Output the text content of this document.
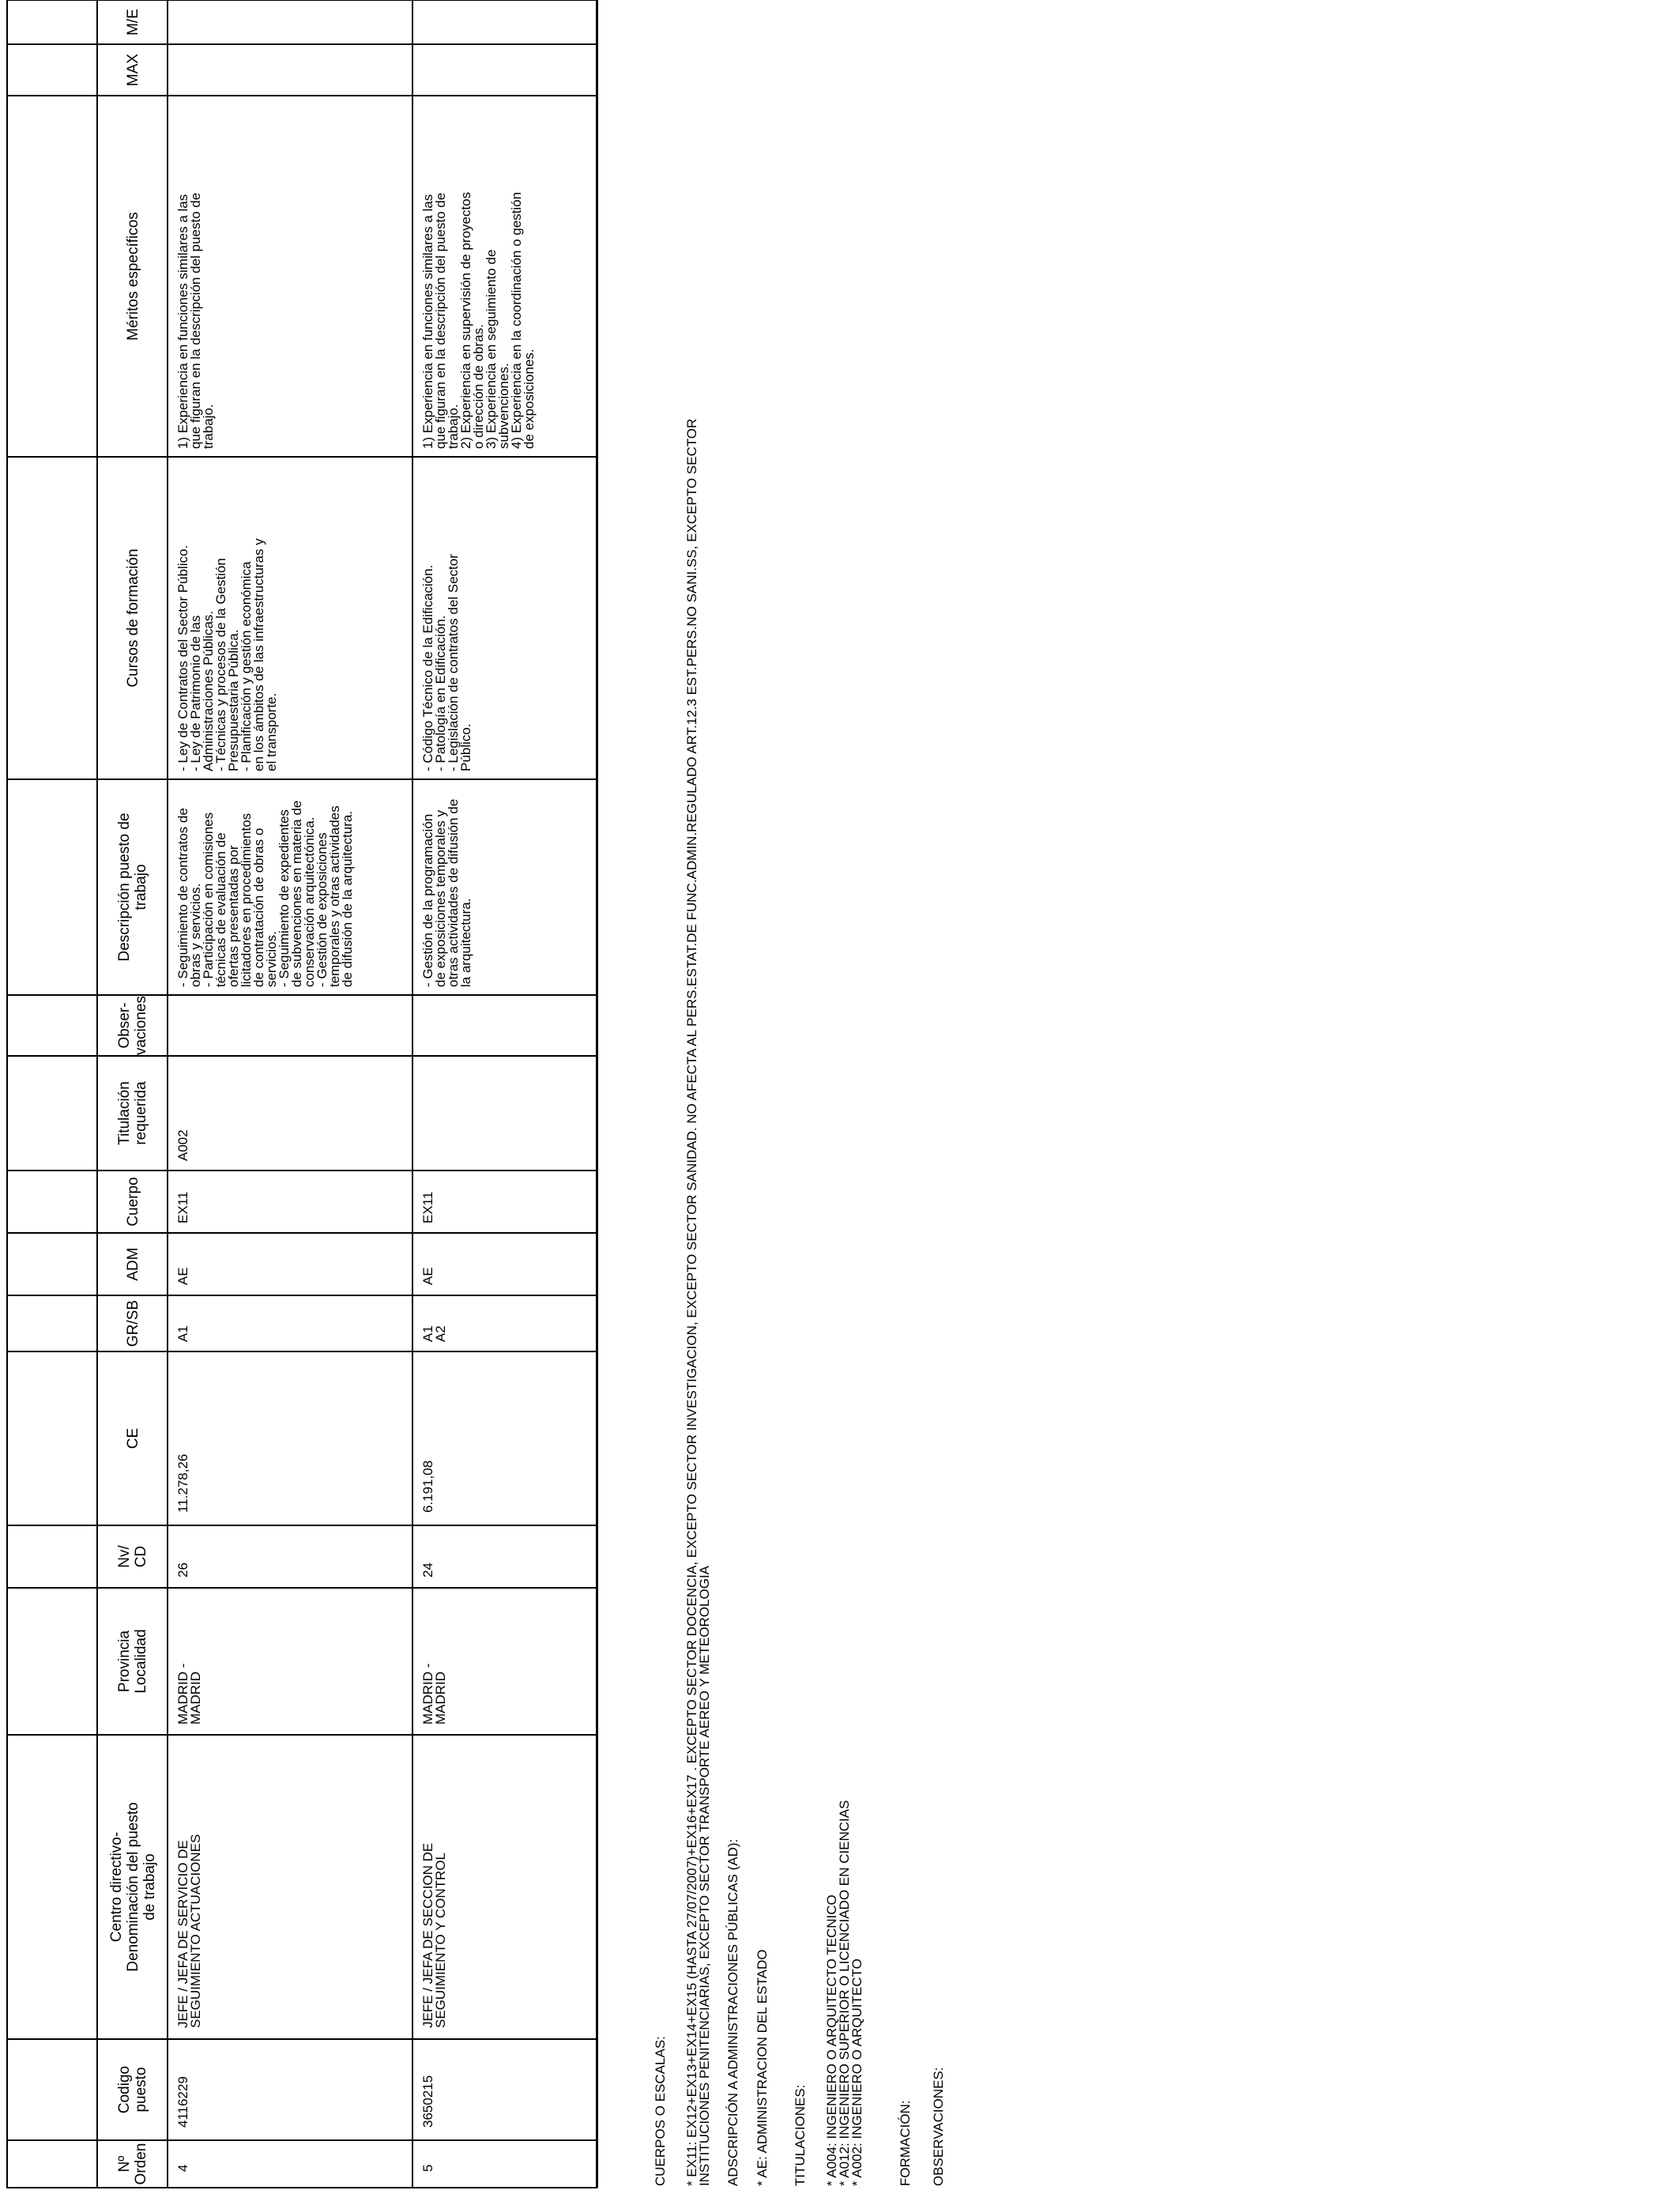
Nº
Orden
Codigo
puesto
Centro directivo-
Denominación del puesto
de trabajo
Provincia
Localidad
Nv/
CD
CE
GR/SB
ADM
Cuerpo
Titulación
requerida
Obser-
vaciones
Descripción puesto de
trabajo
Cursos de formación
Méritos específicos
MAX
M/E
4
4116229
JEFE / JEFA DE SERVICIO DE
SEGUIMIENTO ACTUACIONES
MADRID -
MADRID
26
11.278,26
A1
AE
EX11
A002
- Seguimiento de contratos de
obras y servicios.
- Participación en comisiones
técnicas de evaluación de
ofertas presentadas por
licitadores en procedimientos
de contratación de obras o
servicios.
- Seguimiento de expedientes
de subvenciones en materia de
conservación arquitectónica.
- Gestión de exposiciones
temporales y otras actividades
de difusión de la arquitectura.
- Ley de Contratos del Sector Público.
- Ley de Patrimonio de las
Administraciones Públicas.
- Técnicas y procesos de la Gestión
Presupuestaria Pública.
- Planificación y gestión económica
en los ámbitos de las infraestructuras y
el transporte.
1) Experiencia en funciones similares a las
que figuran en la descripción del puesto de
trabajo.
5
3650215
JEFE / JEFA DE SECCION DE
SEGUIMIENTO Y CONTROL
MADRID -
MADRID
24
6.191,08
A1
A2
AE
EX11
- Gestión de la programación
de exposiciones temporales y
otras actividades de difusión de
la arquitectura.
- Código Técnico de la Edificación.
- Patología en Edificación.
- Legislación de contratos del Sector
Público.
1) Experiencia en funciones similares a las
que figuran en la descripción del puesto de
trabajo.
2) Experiencia en supervisión de proyectos
o dirección de obras.
3) Experiencia en seguimiento de
subvenciones.
4) Experiencia en la coordinación o gestión
de exposiciones.
CUERPOS O ESCALAS: * EX11: EX12+EX13+EX14+EX15 (HASTA 27/07/2007)+EX16+EX17 . EXCEPTO SECTOR DOCENCIA, EXCEPTO SECTOR INVESTIGACION, EXCEPTO SECTOR SANIDAD. NO AFECTA AL PERS.ESTAT.DE FUNC.ADMIN.REGULADO ART.12.3 EST.PERS.NO SANI.SS, EXCEPTO SECTOR
INSTITUCIONES PENITENCIARIAS, EXCEPTO SECTOR TRANSPORTE AEREO Y METEOROLOGIA
ADSCRIPCIÓN A ADMINISTRACIONES PÚBLICAS (AD): * AE: ADMINISTRACION DEL ESTADO TITULACIONES: * A004: INGENIERO O ARQUITECTO TECNICO
* A012: INGENIERO SUPERIOR O LICENCIADO EN CIENCIAS
* A002: INGENIERO O ARQUITECTO
FORMACIÓN: OBSERVACIONES:
